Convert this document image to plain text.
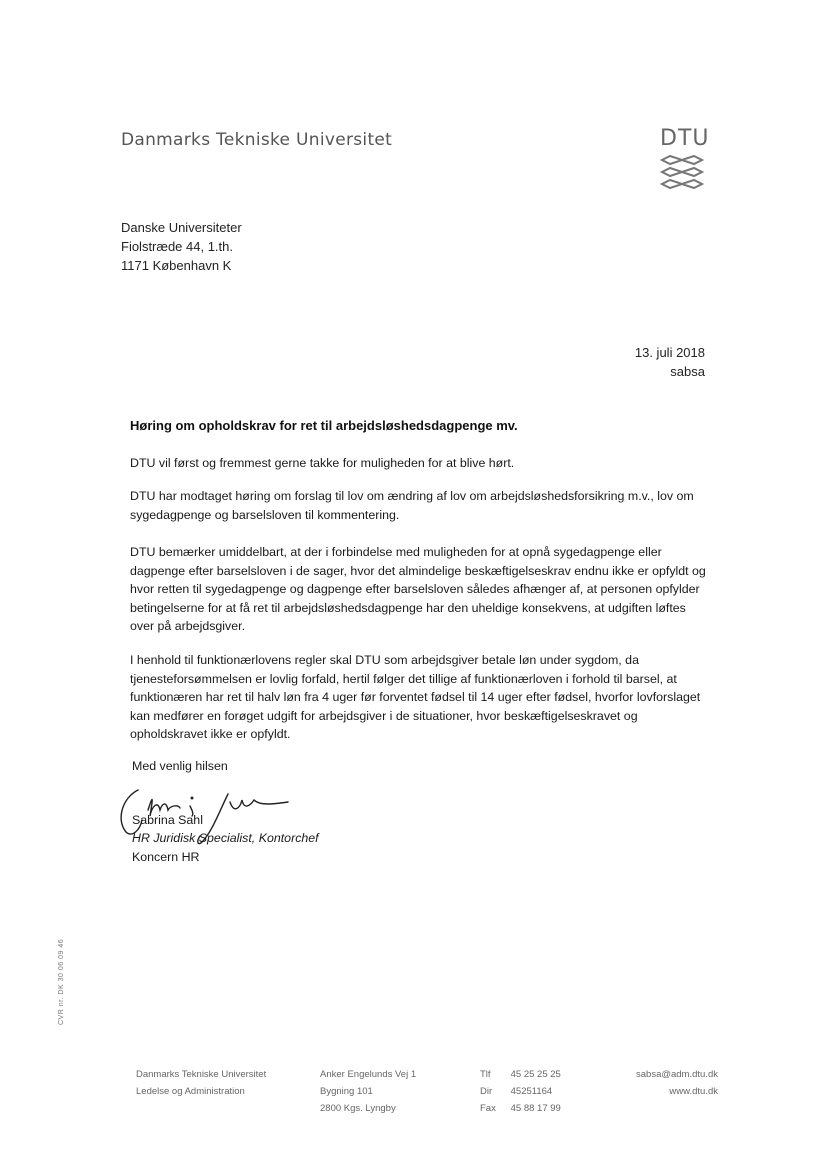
Danmarks Tekniske Universitet	DTU
Danske Universiteter
Fiolstræde 44, 1.th.
1171 København K
13. juli 2018
sabsa
Høring om opholdskrav for ret til arbejdsløshedsdagpenge mv.
DTU vil først og fremmest gerne takke for muligheden for at blive hørt.
DTU har modtaget høring om forslag til lov om ændring af lov om arbejdsløshedsforsikring m.v., lov om sygedagpenge og barselsloven til kommentering.
DTU bemærker umiddelbart, at der i forbindelse med muligheden for at opnå sygedagpenge eller dagpenge efter barselsloven i de sager, hvor det almindelige beskæftigelseskrav endnu ikke er opfyldt og hvor retten til sygedagpenge og dagpenge efter barselsloven således afhænger af, at personen opfylder betingelserne for at få ret til arbejdsløshedsdagpenge har den uheldige konsekvens, at udgiften løftes over på arbejdsgiver.
I henhold til funktionærlovens regler skal DTU som arbejdsgiver betale løn under sygdom, da tjenesteforsømmelsen er lovlig forfald, hertil følger det tillige af funktionærloven i forhold til barsel, at funktionæren har ret til halv løn fra 4 uger før forventet fødsel til 14 uger efter fødsel, hvorfor lovforslaget kan medfører en forøget udgift for arbejdsgiver i de situationer, hvor beskæftigelseskravet og opholdskravet ikke er opfyldt.
Med venlig hilsen
Sabrina Sahl
HR Juridisk Specialist, Kontorchef
Koncern HR
CVR nr. DK 30 06 09 46
Danmarks Tekniske Universitet
Ledelse og Administration
Anker Engelunds Vej 1
Bygning 101
2800 Kgs. Lyngby
Tlf 45 25 25 25
Dir 45251164
Fax 45 88 17 99
sabsa@adm.dtu.dk
www.dtu.dk
